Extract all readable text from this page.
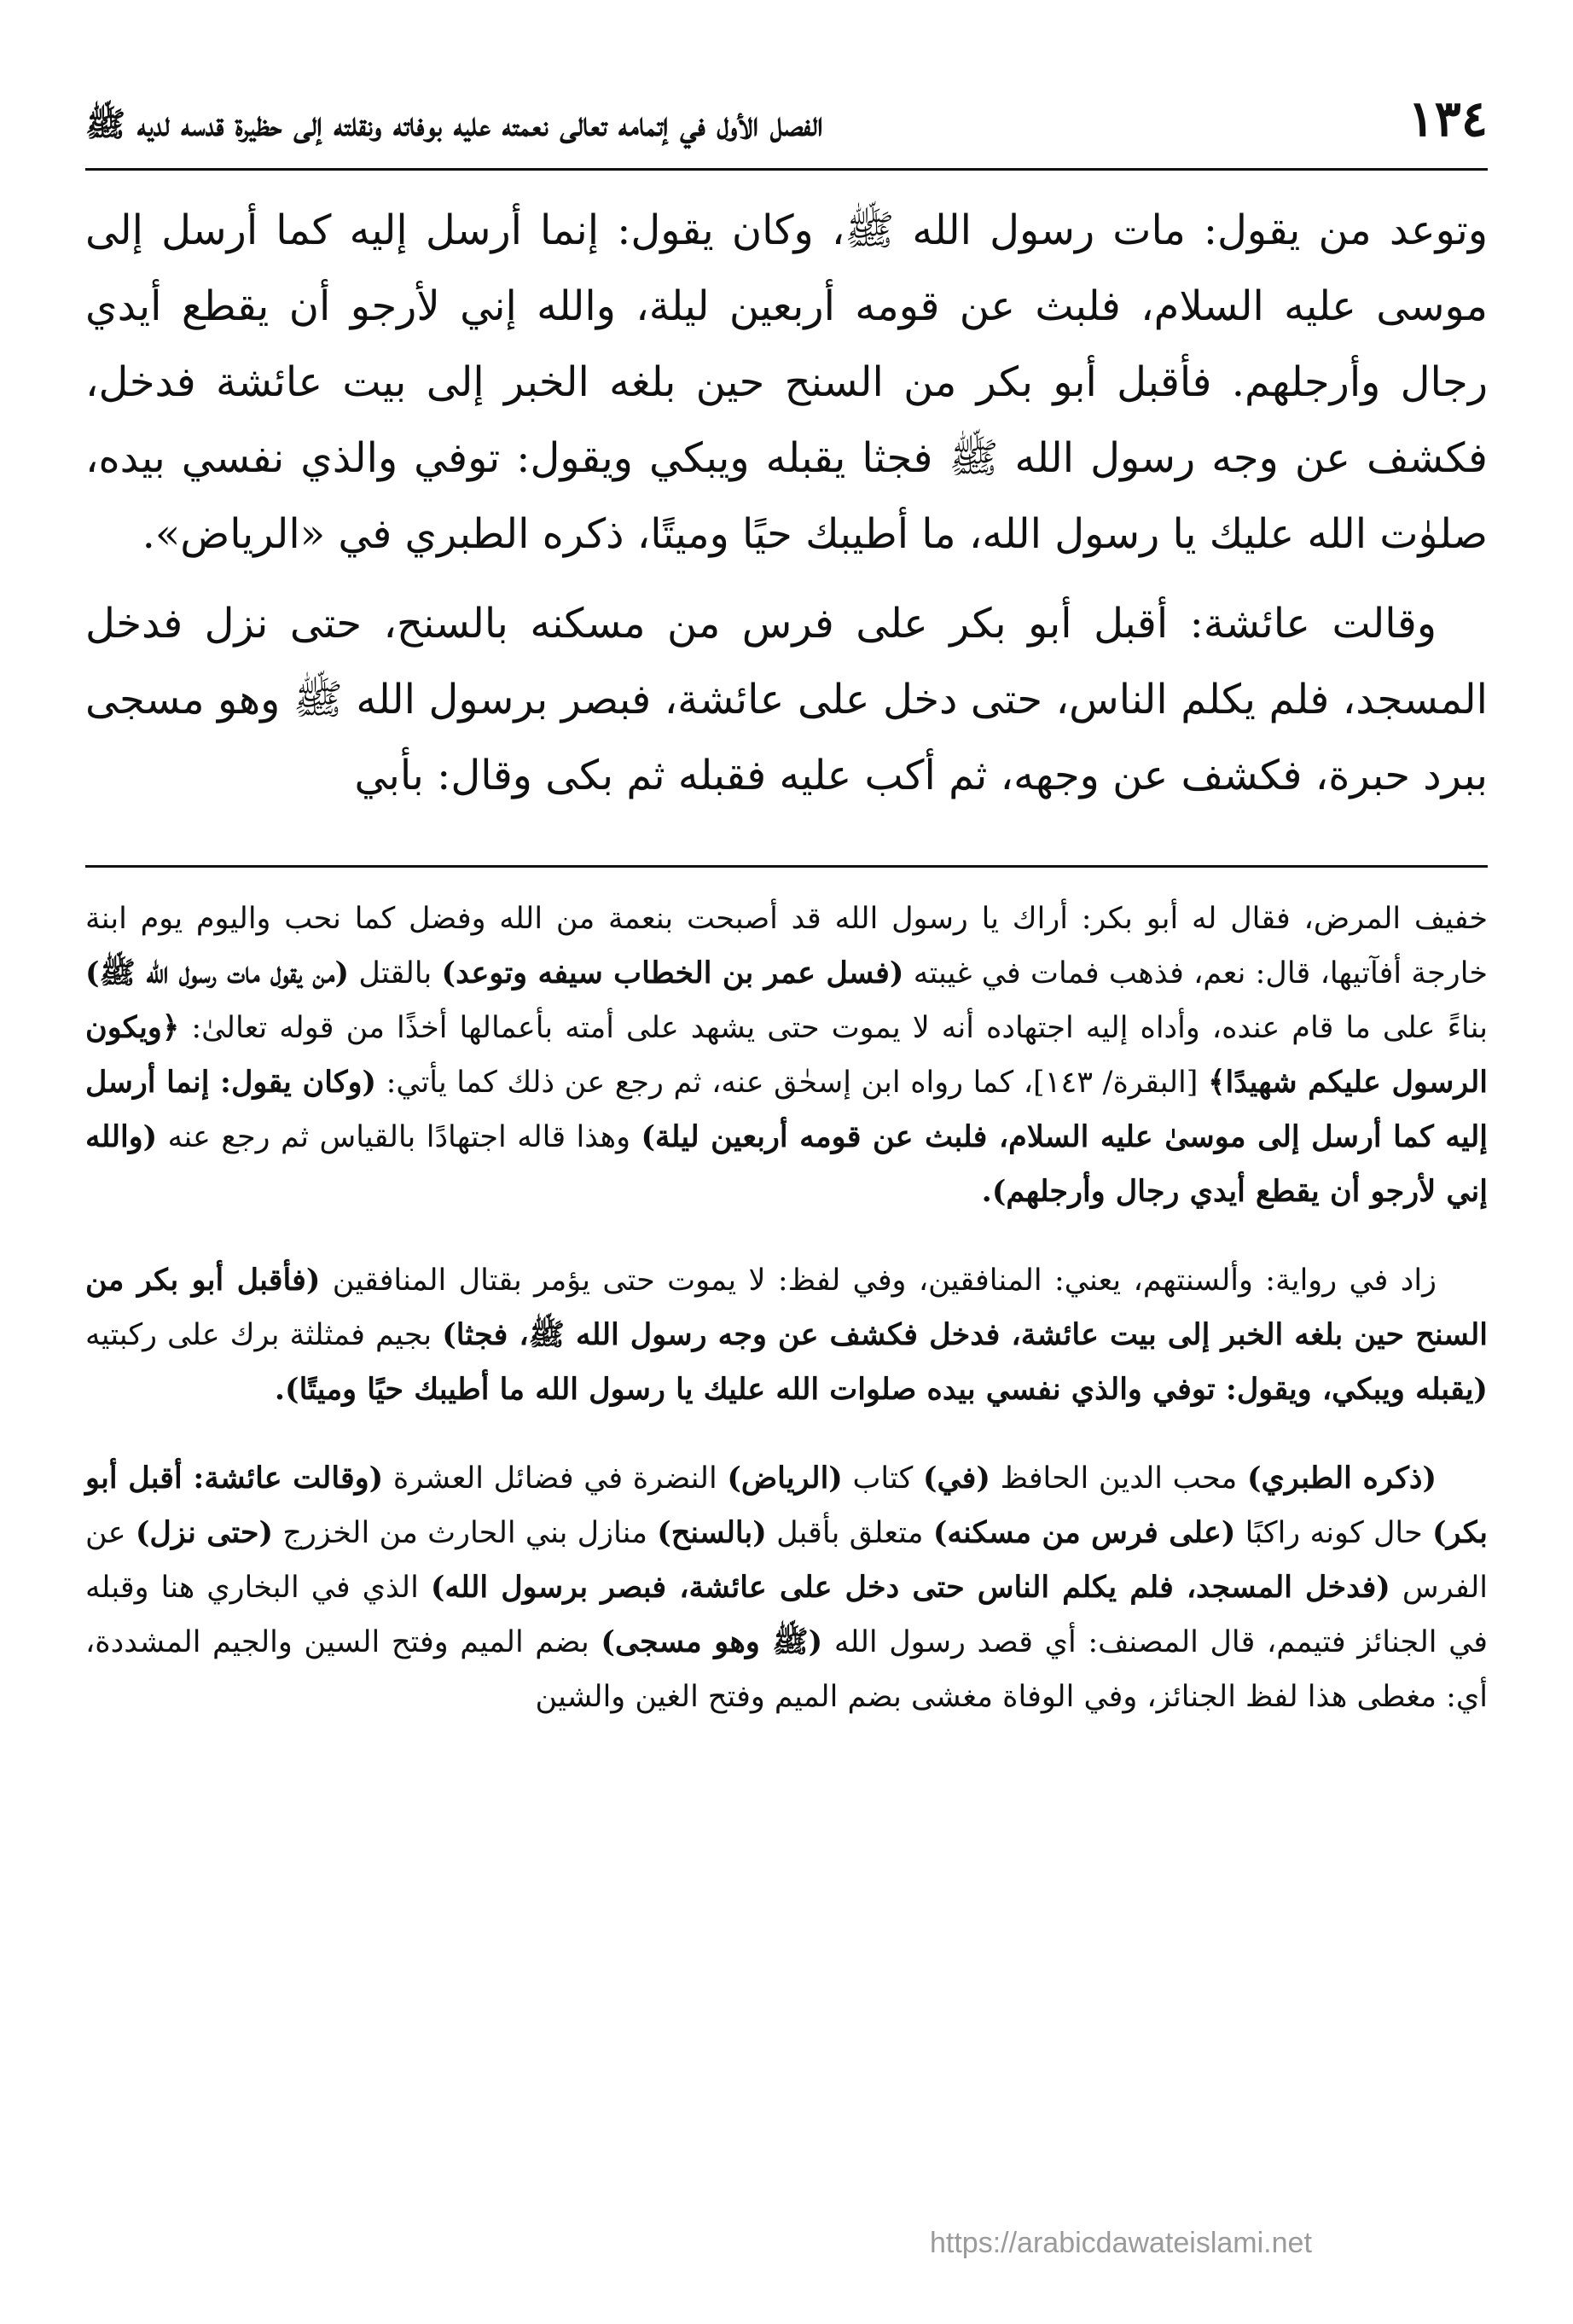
١٣٤
الفصل الأول في إتمامه تعالى نعمته عليه بوفاته ونقلته إلى حظيرة قدسه لديه ﷺ

وتوعد من يقول: مات رسول الله ﷺ، وكان يقول: إنما أرسل إليه كما أرسل إلى موسى عليه السلام، فلبث عن قومه أربعين ليلة، والله إني لأرجو أن يقطع أيدي رجال وأرجلهم. فأقبل أبو بكر من السنح حين بلغه الخبر إلى بيت عائشة فدخل، فكشف عن وجه رسول الله ﷺ فجثا يقبله ويبكي ويقول: توفي والذي نفسي بيده، صلوٰت الله عليك يا رسول الله، ما أطيبك حيًا وميتًا، ذكره الطبري في «الرياض».

وقالت عائشة: أقبل أبو بكر على فرس من مسكنه بالسنح، حتى نزل فدخل المسجد، فلم يكلم الناس، حتى دخل على عائشة، فبصر برسول الله ﷺ وهو مسجى ببرد حبرة، فكشف عن وجهه، ثم أكب عليه فقبله ثم بكى وقال: بأبي

خفيف المرض، فقال له أبو بكر: أراك يا رسول الله قد أصبحت بنعمة من الله وفضل كما نحب واليوم يوم ابنة خارجة أفآتيها، قال: نعم، فذهب فمات في غيبته (فسل عمر بن الخطاب سيفه وتوعد) بالقتل (من يقول مات رسول الله ﷺ) بناءً على ما قام عنده، وأداه إليه اجتهاده أنه لا يموت حتى يشهد على أمته بأعمالها أخذًا من قوله تعالىٰ: ﴿ويكون الرسول عليكم شهيدًا﴾ [البقرة/ ١٤٣]، كما رواه ابن إسحٰق عنه، ثم رجع عن ذلك كما يأتي: (وكان يقول: إنما أرسل إليه كما أرسل إلى موسىٰ عليه السلام، فلبث عن قومه أربعين ليلة) وهذا قاله اجتهادًا بالقياس ثم رجع عنه (والله إني لأرجو أن يقطع أيدي رجال وأرجلهم).

زاد في رواية: وألسنتهم، يعني: المنافقين، وفي لفظ: لا يموت حتى يؤمر بقتال المنافقين (فأقبل أبو بكر من السنح حين بلغه الخبر إلى بيت عائشة، فدخل فكشف عن وجه رسول الله ﷺ، فجثا) بجيم فمثلثة برك على ركبتيه (يقبله ويبكي، ويقول: توفي والذي نفسي بيده صلوات الله عليك يا رسول الله ما أطيبك حيًا وميتًا).

(ذكره الطبري) محب الدين الحافظ (في) كتاب (الرياض) النضرة في فضائل العشرة (وقالت عائشة: أقبل أبو بكر) حال كونه راكبًا (على فرس من مسكنه) متعلق بأقبل (بالسنح) منازل بني الحارث من الخزرج (حتى نزل) عن الفرس (فدخل المسجد، فلم يكلم الناس حتى دخل على عائشة، فبصر برسول الله) الذي في البخاري هنا وقبله في الجنائز فتيمم، قال المصنف: أي قصد رسول الله (ﷺ وهو مسجى) بضم الميم وفتح السين والجيم المشددة، أي: مغطى هذا لفظ الجنائز، وفي الوفاة مغشى بضم الميم وفتح الغين والشين

https://arabicdawateislami.net
